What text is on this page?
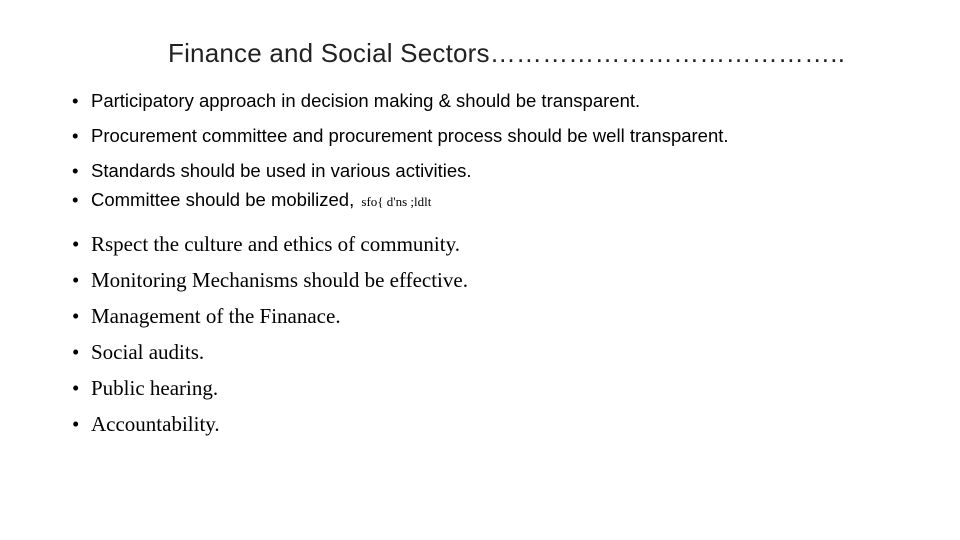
Finance and Social Sectors…………………………………..
• Participatory approach in decision making & should be transparent.
• Procurement committee and procurement process should be well transparent.
• Standards should be used in various activities.
• Committee should be mobilized, sfo{ d'ns ;ldlt
• Rspect the culture and ethics of community.
• Monitoring Mechanisms should be effective.
• Management of the Finanace.
• Social audits.
• Public hearing.
• Accountability.
